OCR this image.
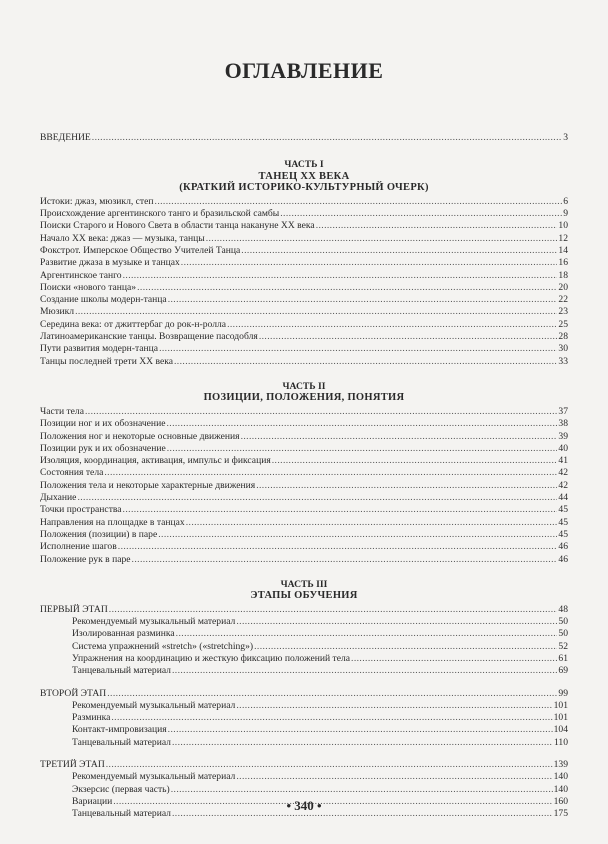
ОГЛАВЛЕНИЕ
ВВЕДЕНИЕ . . .	3
ЧАСТЬ I
ТАНЕЦ XX ВЕКА
(КРАТКИЙ ИСТОРИКО-КУЛЬТУРНЫЙ ОЧЕРК)
Истоки: джаз, мюзикл, степ . . .	6
Происхождение аргентинского танго и бразильской самбы . . .	9
Поиски Старого и Нового Света в области танца накануне XX века . . .	10
Начало XX века: джаз — музыка, танцы . . .	12
Фокстрот. Имперское Общество Учителей Танца . . .	14
Развитие джаза в музыке и танцах . . .	16
Аргентинское танго . . .	18
Поиски «нового танца» . . .	20
Создание школы модерн-танца . . .	22
Мюзикл . . .	23
Середина века: от джиттербаг до рок-н-ролла . . .	25
Латиноамериканские танцы. Возвращение пасодобля . . .	28
Пути развития модерн-танца . . .	30
Танцы последней трети XX века . . .	33
ЧАСТЬ II
ПОЗИЦИИ, ПОЛОЖЕНИЯ, ПОНЯТИЯ
Части тела . . .	37
Позиции ног и их обозначение . . .	38
Положения ног и некоторые основные движения . . .	39
Позиции рук и их обозначение . . .	40
Изоляция, координация, активация, импульс и фиксация . . .	41
Состояния тела . . .	42
Положения тела и некоторые характерные движения . . .	42
Дыхание . . .	44
Точки пространства . . .	45
Направления на площадке в танцах . . .	45
Положения (позиции) в паре . . .	45
Исполнение шагов . . .	46
Положение рук в паре . . .	46
ЧАСТЬ III
ЭТАПЫ ОБУЧЕНИЯ
ПЕРВЫЙ ЭТАП . . .	48
Рекомендуемый музыкальный материал . . .	50
Изолированная разминка . . .	50
Система упражнений «stretch» («stretching») . . .	52
Упражнения на координацию и жесткую фиксацию положений тела . . .	61
Танцевальный материал . . .	69
ВТОРОЙ ЭТАП . . .	99
Рекомендуемый музыкальный материал . . .	101
Разминка . . .	101
Контакт-импровизация . . .	104
Танцевальный материал . . .	110
ТРЕТИЙ ЭТАП . . .	139
Рекомендуемый музыкальный материал . . .	140
Экзерсис (первая часть) . . .	140
Вариации . . .	160
Танцевальный материал . . .	175
• 340 •
